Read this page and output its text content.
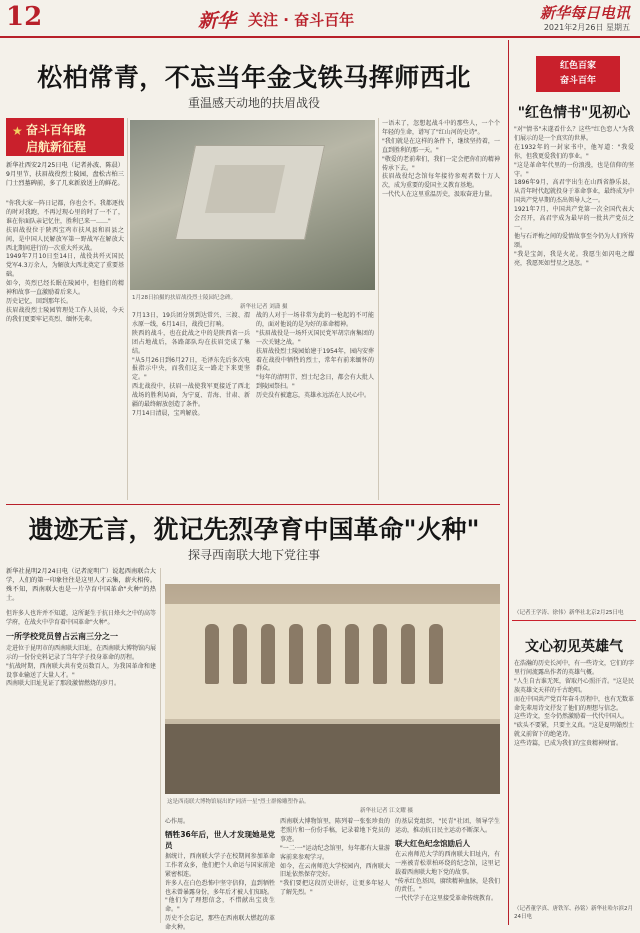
12	新华 关注 · 奋斗百年	新华每日电讯
2021年2月26日 星期五
松柏常青，不忘当年金戈铁马挥师西北
重温感天动地的扶眉战役
★ 奋斗百年路
启航新征程
新华社西安2月25日电（记者孙波、陈晨）9月里节，扶眉战役烈士陵园，盘松古柏三门士烈墓碑前，多了几束新放送上的鲜花。

"你我大家一阵日记都，你也会不。我都逐找的时对我跑，不再过现心里的时了一不了，谁在你面队亲记忆住，胜利已来一……"

扶眉战役位于陕西宝鸡市扶风县和眉县之间，是中国人民解放军第一野战军在解放大西北期间进行的一次重大歼灭战。

1949年7月10日至14日，战役共歼灭国民党军4.3万余人，为解放大西北奠定了重要基础。

如今，英烈已经长眠在陵园中，但他们的精神和故事一直激励着后来人。

历史记忆，回到那年长。

扶眉战役烈士陵园管理处工作人员说，今天的我们更要牢记英烈、缅怀先辈。

1月28日拍摄的扶眉战役烈士陵园纪念碑。
新华社记者 刘潇 摄

7月13日，19兵团分别到达常兴、三渡、渭水原一线，6月14日，战役已打响。

陕西的战斗，也在此战之中的是陕西省一兵团占地战后，各路部队均在扶眉完成了集结。

"从5月26日到6月27日，毛泽东先后多次电报指示中央，而我们这支一路走下来更坚定。"

西北战役中，扶眉一战使我军更接近了西北战场的胜利局面，为宁夏、青海、甘肃、新疆的最终解放创造了条件。

7月14日清晨，宝鸡解放。

战的人对于一场非常为此的一枪起的不可能的，面对他说的是为好的革命精神。

"扶眉战役是一场歼灭国民党军胡宗南集团的一次关键之战。"

扶眉战役烈士陵园始建于1954年，园内安葬着在战役中牺牲的烈士，常年有前来缅怀的群众。

"每年的清明节、烈士纪念日，都会有大批人到陵园祭扫。"

历史没有被遗忘，英雄永远活在人民心中。

一语未了，忽想起战斗中的那些人，一个个年轻的生命，谱写了"红山河的史诗"。

"我们就是在这样的条件下，继续坚持着，一直到胜利的那一天。"

"敬爱的老前辈们，我们一定会把你们的精神传承下去。"

扶眉战役纪念馆每年接待参观者数十万人次，成为重要的爱国主义教育基地。

一代代人在这里重温历史，汲取奋进力量。

遗迹无言，犹记先烈孕育中国革命"火种"
探寻西南联大地下党往事
新华社昆明2月24日电（记者庞明广）说起西南联合大学，人们的第一印象往往是这里人才云集，薪火相传。殊不知，西南联大也是一片孕育中国革命"火种"的热土。

但许多人也许并不知道，这所诞生于抗日烽火之中的高等学府，在战火中孕育着中国革命"火种"。

一所学校党员曾占云南三分之一

走进位于昆明市的西南联大旧址，在西南联大博物馆内展示的一份份史料记录了当年学子投身革命的历程。

"抗战时期，西南联大共有党员数百人，为我国革命和建设事业输送了大量人才。"

西南联大旧址见证了那段激情燃烧的岁月。

这是西南联大博物馆展出的"同济一星"烈士群像雕塑作品。
新华社记者 江文耀 摄

心作用。

牺牲36年后，世人才发现她是党员

据统计，西南联大学子在校期间参加革命工作者众多，他们把个人命运与国家前途紧密相连。

许多人在白色恐怖中坚守信仰，直到牺牲也未曾暴露身份，多年后才被人们知晓。

"他们为了理想信念，不惜献出宝贵生命。"

历史不会忘记，那些在西南联大燃起的革命火种。

西南联大博物馆里，陈列着一张张珍贵的老照片和一份份手稿，记录着地下党员的事迹。

"一二·一"运动纪念馆里，每年都有大量游客前来参观学习。

如今，在云南师范大学校园内，西南联大旧址依然保存完好。

"我们要把这段历史讲好，让更多年轻人了解先烈。"

的基层党组织、"民青"社团，领导学生运动，推动抗日民主运动不断深入。

联大红色纪念馆励后人

在云南师范大学的西南联大旧址内，有一座被青松翠柏环绕的纪念馆，这里记载着西南联大地下党的故事。

"传承红色基因，赓续精神血脉，是我们的责任。"

一代代学子在这里接受革命传统教育。

红色百家
奋斗百年
"红色情书"见初心

"对"情书"未遂看什么？这些"红色恋人"为我们展示的是一个真实的世界。

在1932年的一封家书中，他写道："我爱你，但我更爱我们的事业。"

"这是革命年代里的一份浪漫，也是信仰的坚守。"

1896年9月，高君宇出生在山西省静乐县，从青年时代起就投身于革命事业，最终成为中国共产党早期的杰出领导人之一。

1921年7月，中国共产党第一次全国代表大会召开，高君宇成为最早的一批共产党员之一。

他与石评梅之间的爱情故事至今仍为人们所传颂。

"我是宝剑，我是火花。我愿生如闪电之耀亮，我愿死如彗星之迅忽。"

（记者王学涛、徐伟）新华社北京2月25日电
文心初见英雄气

在浩瀚的历史长河中，有一些诗文，它们的字里行间流露出作者的英雄气概。

"人生自古谁无死，留取丹心照汗青。"这是民族英雄文天祥的千古绝唱。

而在中国共产党百年奋斗历程中，也有无数革命先辈用诗文抒发了他们的理想与信念。

这些诗文，至今仍然激励着一代代中国人。

"砍头不要紧，只要主义真。"这是夏明翰烈士就义前留下的绝笔诗。

这些诗篇，已成为我们的宝贵精神财富。

（记者董学真、唐铁军、孙铭）新华社哈尔滨2月24日电
